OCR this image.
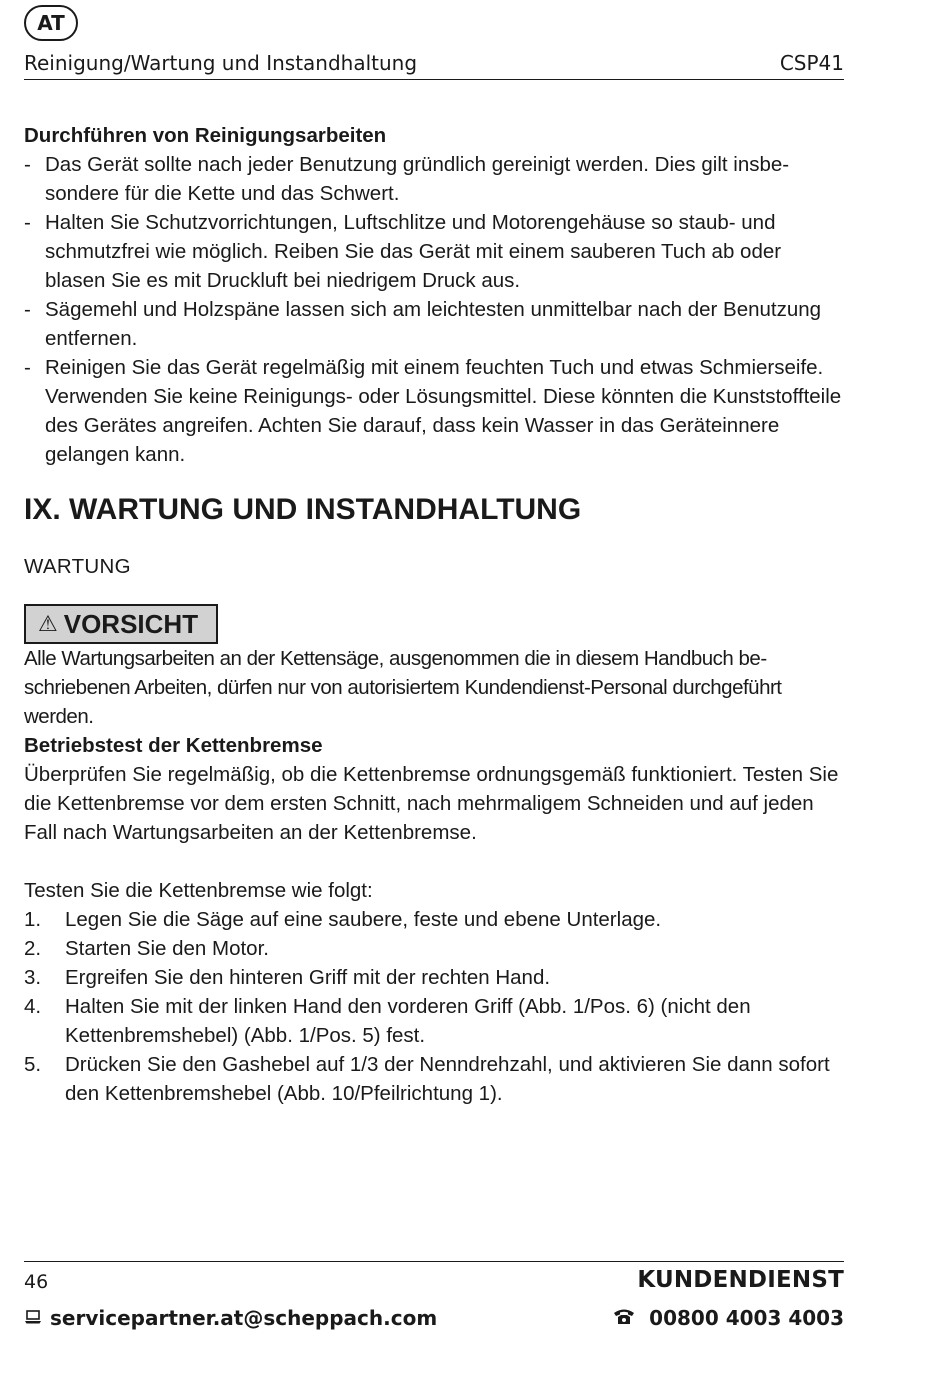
AT
Reinigung/Wartung und Instandhaltung	CSP41

Durchführen von Reinigungsarbeiten

- Das Gerät sollte nach jeder Benutzung gründlich gereinigt werden. Dies gilt insbesondere für die Kette und das Schwert.
- Halten Sie Schutzvorrichtungen, Luftschlitze und Motorengehäuse so staub- und schmutzfrei wie möglich. Reiben Sie das Gerät mit einem sauberen Tuch ab oder blasen Sie es mit Druckluft bei niedrigem Druck aus.
- Sägemehl und Holzspäne lassen sich am leichtesten unmittelbar nach der Benutzung entfernen.
- Reinigen Sie das Gerät regelmäßig mit einem feuchten Tuch und etwas Schmierseife. Verwenden Sie keine Reinigungs- oder Lösungsmittel. Diese könnten die Kunststoffteile des Gerätes angreifen. Achten Sie darauf, dass kein Wasser in das Geräteinnere gelangen kann.
IX. WARTUNG UND INSTANDHALTUNG
WARTUNG
⚠ VORSICHT

Alle Wartungsarbeiten an der Kettensäge, ausgenommen die in diesem Handbuch beschriebenen Arbeiten, dürfen nur von autorisiertem Kundendienst-Personal durchgeführt werden.

Betriebstest der Kettenbremse

Überprüfen Sie regelmäßig, ob die Kettenbremse ordnungsgemäß funktioniert. Testen Sie die Kettenbremse vor dem ersten Schnitt, nach mehrmaligem Schneiden und auf jeden Fall nach Wartungsarbeiten an der Kettenbremse.

Testen Sie die Kettenbremse wie folgt:

1. Legen Sie die Säge auf eine saubere, feste und ebene Unterlage.
2. Starten Sie den Motor.
3. Ergreifen Sie den hinteren Griff mit der rechten Hand.
4. Halten Sie mit der linken Hand den vorderen Griff (Abb. 1/Pos. 6) (nicht den Kettenbremshebel) (Abb. 1/Pos. 5) fest.
5. Drücken Sie den Gashebel auf 1/3 der Nenndrehzahl, und aktivieren Sie dann sofort den Kettenbremshebel (Abb. 10/Pfeilrichtung 1).
46	KUNDENDIENST
servicepartner.at@scheppach.com	00800 4003 4003
